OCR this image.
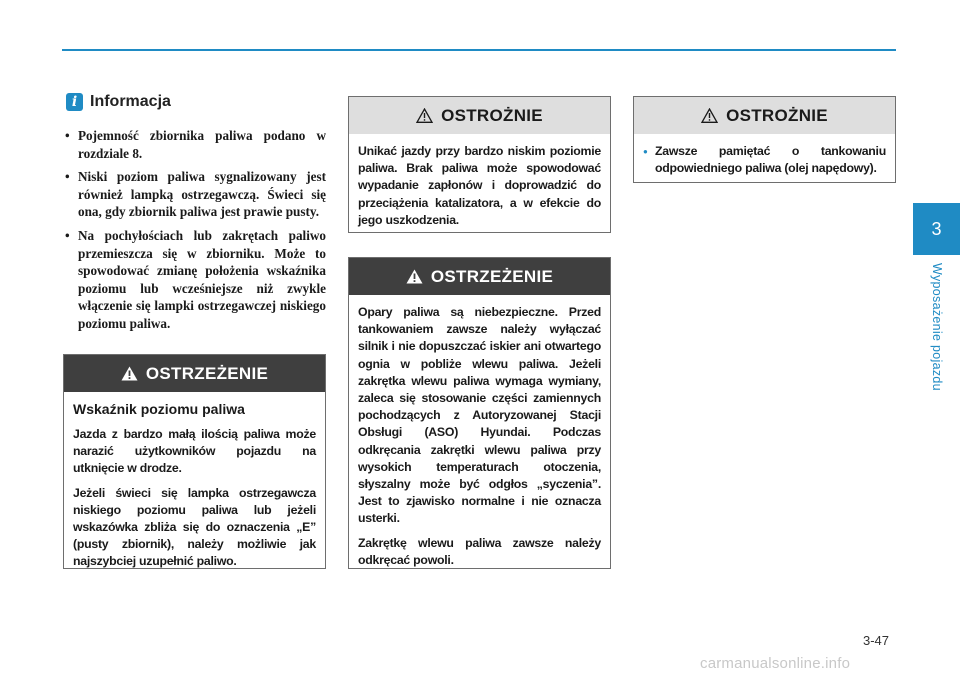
i Informacja
• Pojemność zbiornika paliwa podano w rozdziale 8.
• Niski poziom paliwa sygnalizowany jest również lampką ostrzegawczą. Świeci się ona, gdy zbiornik paliwa jest prawie pusty.
• Na pochyłościach lub zakrętach paliwo przemieszcza się w zbiorniku. Może to spowodować zmianę położenia wskaźnika poziomu lub wcześniejsze niż zwykle włączenie się lampki ostrzegawczej niskiego poziomu paliwa.
OSTRZEŻENIE
Wskaźnik poziomu paliwa

Jazda z bardzo małą ilością paliwa może narazić użytkowników pojazdu na utknięcie w drodze.

Jeżeli świeci się lampka ostrzegawcza niskiego poziomu paliwa lub jeżeli wskazówka zbliża się do oznaczenia „E” (pusty zbiornik), należy możliwie jak najszybciej uzupełnić paliwo.

OSTROŻNIE

Unikać jazdy przy bardzo niskim poziomie paliwa. Brak paliwa może spowodować wypadanie zapłonów i doprowadzić do przeciążenia katalizatora, a w efekcie do jego uszkodzenia.

OSTRZEŻENIE

Opary paliwa są niebezpieczne. Przed tankowaniem zawsze należy wyłączać silnik i nie dopuszczać iskier ani otwartego ognia w pobliże wlewu paliwa. Jeżeli zakrętka wlewu paliwa wymaga wymiany, zaleca się stosowanie części zamiennych pochodzących z Autoryzowanej Stacji Obsługi (ASO) Hyundai. Podczas odkręcania zakrętki wlewu paliwa przy wysokich temperaturach otoczenia, słyszalny może być odgłos „syczenia”. Jest to zjawisko normalne i nie oznacza usterki.

Zakrętkę wlewu paliwa zawsze należy odkręcać powoli.

OSTROŻNIE

● Zawsze pamiętać o tankowaniu odpowiedniego paliwa (olej napędowy).

3
Wyposażenie pojazdu
3-47
carmanualsonline.info
